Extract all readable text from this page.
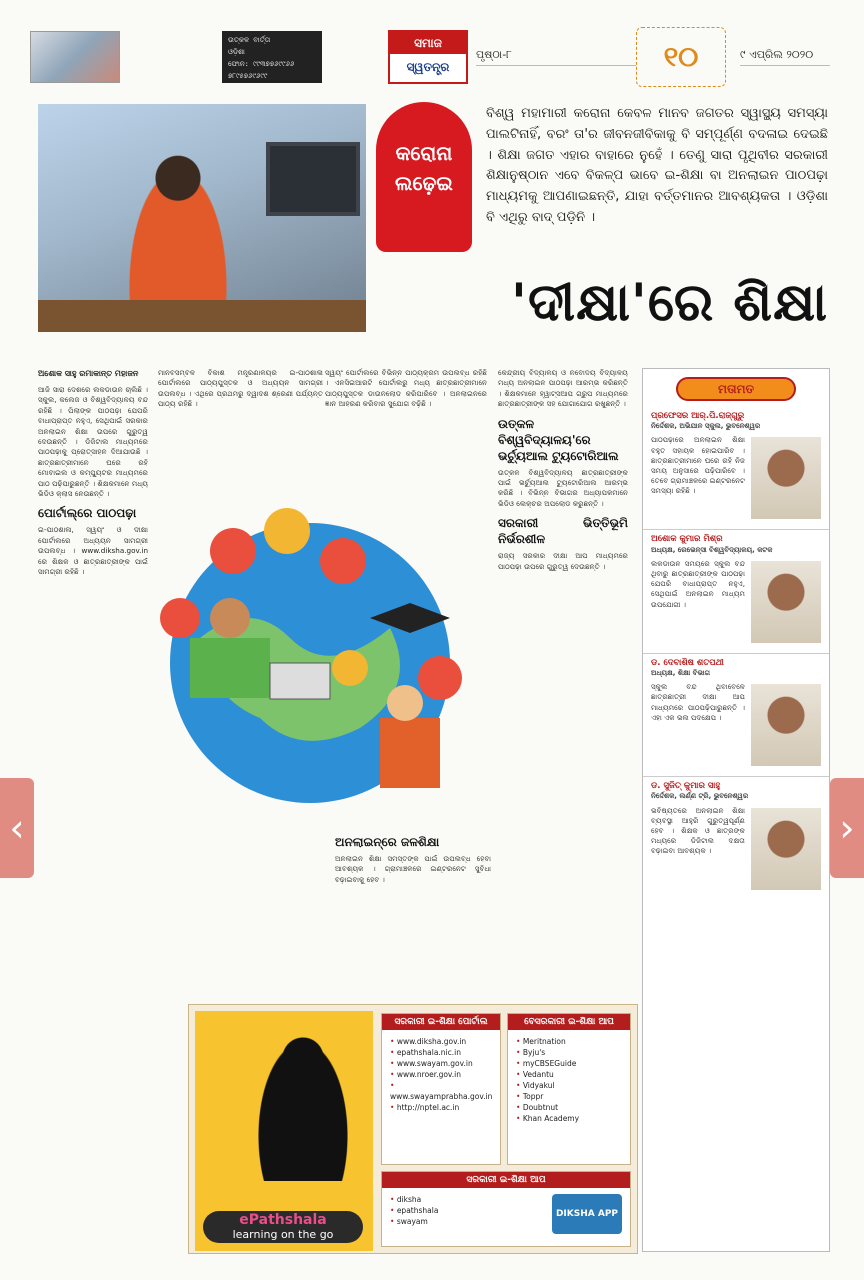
ଉତ୍କଳ ବାର୍ତ୍ତା
ଓଡ଼ିଶା
ଫୋନ: ୯୯୩୭୭୬୯୯୬୬
୭୮୯୫୭୬୯୬୯୯
ସମାଜ
ସ୍ୱତନ୍ତ୍ର
ପୃଷ୍ଠା-୮	୧୦	୯ ଏପ୍ରିଲ ୨୦୨୦
କରୋନା
ଲଢ଼େଇ
ବିଶ୍ୱ ମହାମାରୀ କରୋନା କେବଳ ମାନବ ଜଗତର ସ୍ୱାସ୍ଥ୍ୟ ସମସ୍ୟା ପାଲଟିନାହିଁ, ବରଂ ତା'ର ଜୀବନଜୀବିକାକୁ ବି ସମ୍ପୂର୍ଣ୍ଣ ବଦଳାଇ ଦେଇଛି । ଶିକ୍ଷା ଜଗତ ଏହାର ବାହାରେ ନୁହେଁ । ତେଣୁ ସାରା ପୃଥିବୀର ସରକାରୀ ଶିକ୍ଷାନୁଷ୍ଠାନ ଏବେ ବିକଳ୍ପ ଭାବେ ଇ-ଶିକ୍ଷା ବା ଅନଲାଇନ ପାଠପଢ଼ା ମାଧ୍ୟମକୁ ଆପଣାଇଛନ୍ତି, ଯାହା ବର୍ତ୍ତମାନର ଆବଶ୍ୟକତା । ଓଡ଼ିଶା ବି ଏଥିରୁ ବାଦ୍ ପଡ଼ିନି ।
'ଦୀକ୍ଷା'ରେ ଶିକ୍ଷା
ଅଶୋକ ସାହୁ ରମାକାନ୍ତ ମହାଜନ

ଆଜି ସାରା ଦେଶରେ ଲକଡାଉନ ଚାଲିଛି । ସ୍କୁଲ, କଲେଜ ଓ ବିଶ୍ୱବିଦ୍ୟାଳୟ ବନ୍ଦ ରହିଛି । ପିଲାଙ୍କ ପାଠପଢ଼ା ଯେପରି ବାଧାପ୍ରାପ୍ତ ନହୁଏ, ସେଥିପାଇଁ ସରକାର ଅନଲାଇନ ଶିକ୍ଷା ଉପରେ ଗୁରୁତ୍ୱ ଦେଉଛନ୍ତି । ଡିଜିଟାଲ ମାଧ୍ୟମରେ ପାଠପଢ଼ାକୁ ପ୍ରୋତ୍ସାହନ ଦିଆଯାଉଛି । ଛାତ୍ରଛାତ୍ରୀମାନେ ଘରେ ରହି ମୋବାଇଲ ଓ କମ୍ପ୍ୟୁଟର ମାଧ୍ୟମରେ ପାଠ ପଢ଼ିପାରୁଛନ୍ତି । ଶିକ୍ଷକମାନେ ମଧ୍ୟ ଭିଡିଓ କ୍ଲାସ ନେଉଛନ୍ତି ।

ପୋର୍ଟାଲ୍‌ରେ ପାଠପଢ଼ା

ଇ-ପାଠଶାଳା, ସ୍ୱୟଂ ଓ ଦୀକ୍ଷା ପୋର୍ଟାଲରେ ଅଧ୍ୟୟନ ସାମଗ୍ରୀ ଉପଲବ୍ଧ । www.diksha.gov.in ରେ ଶିକ୍ଷକ ଓ ଛାତ୍ରଛାତ୍ରୀଙ୍କ ପାଇଁ ସାମଗ୍ରୀ ରହିଛି ।

ମାନବସମ୍ବଳ ବିକାଶ ମନ୍ତ୍ରଣାଳୟର ଇ-ପାଠଶାଳା ପୋର୍ଟାଲରେ ପାଠ୍ୟପୁସ୍ତକ ଓ ଅଧ୍ୟୟନ ସାମଗ୍ରୀ ଉପଲବ୍ଧ । ଏଥିରେ ପ୍ରଥମରୁ ଦ୍ୱାଦଶ ଶ୍ରେଣୀ ପର୍ଯ୍ୟନ୍ତ ପାଠ୍ୟ ରହିଛି ।

ସ୍ୱୟଂ ପୋର୍ଟାଲରେ ବିଭିନ୍ନ ପାଠ୍ୟକ୍ରମ ଉପଲବ୍ଧ ରହିଛି । ଏନସିଇଆରଟି ପୋର୍ଟାଲରୁ ମଧ୍ୟ ଛାତ୍ରଛାତ୍ରୀମାନେ ପାଠ୍ୟପୁସ୍ତକ ଡାଉନଲୋଡ କରିପାରିବେ । ଅନଲାଇନରେ ଜ୍ଞାନ ଆହରଣ କରିବାର ସୁଯୋଗ ବଢ଼ିଛି ।

କେନ୍ଦ୍ରୀୟ ବିଦ୍ୟାଳୟ ଓ ନବୋଦୟ ବିଦ୍ୟାଳୟ ମଧ୍ୟ ଅନଲାଇନ ପାଠପଢ଼ା ଆରମ୍ଭ କରିଛନ୍ତି । ଶିକ୍ଷକମାନେ ହ୍ୱାଟ୍ସଆପ ଗ୍ରୁପ ମାଧ୍ୟମରେ ଛାତ୍ରଛାତ୍ରୀଙ୍କ ସହ ଯୋଗାଯୋଗ ରଖୁଛନ୍ତି ।

ଉତ୍କଳ ବିଶ୍ୱବିଦ୍ୟାଳୟ'ରେ ଭର୍ଚ୍ୟୁଆଲ ଟ୍ୟୁଟୋରିଆଲ

ଉତ୍କଳ ବିଶ୍ୱବିଦ୍ୟାଳୟ ଛାତ୍ରଛାତ୍ରୀଙ୍କ ପାଇଁ ଭର୍ଚ୍ୟୁଆଲ ଟ୍ୟୁଟୋରିଆଲ ଆରମ୍ଭ କରିଛି । ବିଭିନ୍ନ ବିଭାଗର ଅଧ୍ୟାପକମାନେ ଭିଡିଓ ଲେକ୍ଚର ଅପଲୋଡ କରୁଛନ୍ତି ।

ସରକାରୀ ଭିତ୍ତିଭୂମି ନିର୍ଭରଶୀଳ

ରାଜ୍ୟ ସରକାର ଦୀକ୍ଷା ଆପ ମାଧ୍ୟମରେ ପାଠପଢ଼ା ଉପରେ ଗୁରୁତ୍ୱ ଦେଉଛନ୍ତି ।

ଅନଲାଇନ୍‌ରେ ଜଳଶିକ୍ଷା

ଅନଲାଇନ ଶିକ୍ଷା ସମସ୍ତଙ୍କ ପାଇଁ ଉପଲବ୍ଧ ହେବା ଆବଶ୍ୟକ । ଗ୍ରାମାଞ୍ଚଳରେ ଇଣ୍ଟରନେଟ ସୁବିଧା ବଢ଼ାଇବାକୁ ହେବ ।

ePathshala
learning on the go
ସରକାରୀ ଇ-ଶିକ୍ଷା ପୋର୍ଟାଲ
• www.diksha.gov.in
• epathshala.nic.in
• www.swayam.gov.in
• www.nroer.gov.in
• www.swayamprabha.gov.in
• http://nptel.ac.in
ବେସରକାରୀ ଇ-ଶିକ୍ଷା ଆପ
• Meritnation
• Byju's
• myCBSEGuide
• Vedantu
• Vidyakul
• Toppr
• Doubtnut
• Khan Academy
ସରକାରୀ ଇ-ଶିକ୍ଷା ଆପ
• diksha
• epathshala
• swayam
DIKSHA APP
ମତାମତ
ପ୍ରଫେସର ଆର୍.ପି.ରାଜ୍‌ଗୁରୁ
ନିର୍ଦ୍ଦେଶକ, ଅଭିଯାନ ସ୍କୁଲ, ଭୁବନେଶ୍ୱର
ପାଠପଢ଼ାରେ ଅନଲାଇନ ଶିକ୍ଷା ବହୁତ ସହାୟକ ହୋଇପାରିବ । ଛାତ୍ରଛାତ୍ରୀମାନେ ଘରେ ରହି ନିଜ ସମୟ ଅନୁସାରେ ପଢ଼ିପାରିବେ । ତେବେ ଗ୍ରାମାଞ୍ଚଳରେ ଇଣ୍ଟରନେଟ ସମସ୍ୟା ରହିଛି ।
ଅଶୋକ କୁମାର ମିଶ୍ର
ଅଧ୍ୟକ୍ଷ, ରେଭେନ୍ସା ବିଶ୍ୱବିଦ୍ୟାଳୟ, କଟକ
ଲକଡାଉନ ସମୟରେ ସ୍କୁଲ ବନ୍ଦ ଥିବାରୁ ଛାତ୍ରଛାତ୍ରୀଙ୍କ ପାଠପଢ଼ା ଯେପରି ବାଧାପ୍ରାପ୍ତ ନହୁଏ, ସେଥିପାଇଁ ଅନଲାଇନ ମାଧ୍ୟମ ଉପଯୋଗୀ ।
ଡ. ଦେବାଶିଷ ଶତପଥୀ
ଅଧ୍ୟକ୍ଷ, ଶିକ୍ଷା ବିଭାଗ
ସ୍କୁଲ ବନ୍ଦ ଥିବାବେଳେ ଛାତ୍ରଛାତ୍ରୀ ଦୀକ୍ଷା ଆପ ମାଧ୍ୟମରେ ପାଠପଢ଼ିପାରୁଛନ୍ତି । ଏହା ଏକ ଭଲ ପଦକ୍ଷେପ ।
ଡ. ସୁଜିତ୍ କୁମାର ସାହୁ
ନିର୍ଦ୍ଦେଶକ, ଲର୍ଣ୍ଣ ଟ୍ରି, ଭୁବନେଶ୍ୱର
ଭବିଷ୍ୟତରେ ଅନଲାଇନ ଶିକ୍ଷା ବ୍ୟବସ୍ଥା ଆହୁରି ଗୁରୁତ୍ୱପୂର୍ଣ୍ଣ ହେବ । ଶିକ୍ଷକ ଓ ଛାତ୍ରଙ୍କ ମଧ୍ୟରେ ଡିଜିଟାଲ ଦକ୍ଷତା ବଢ଼ାଇବା ଆବଶ୍ୟକ ।
‹	›
